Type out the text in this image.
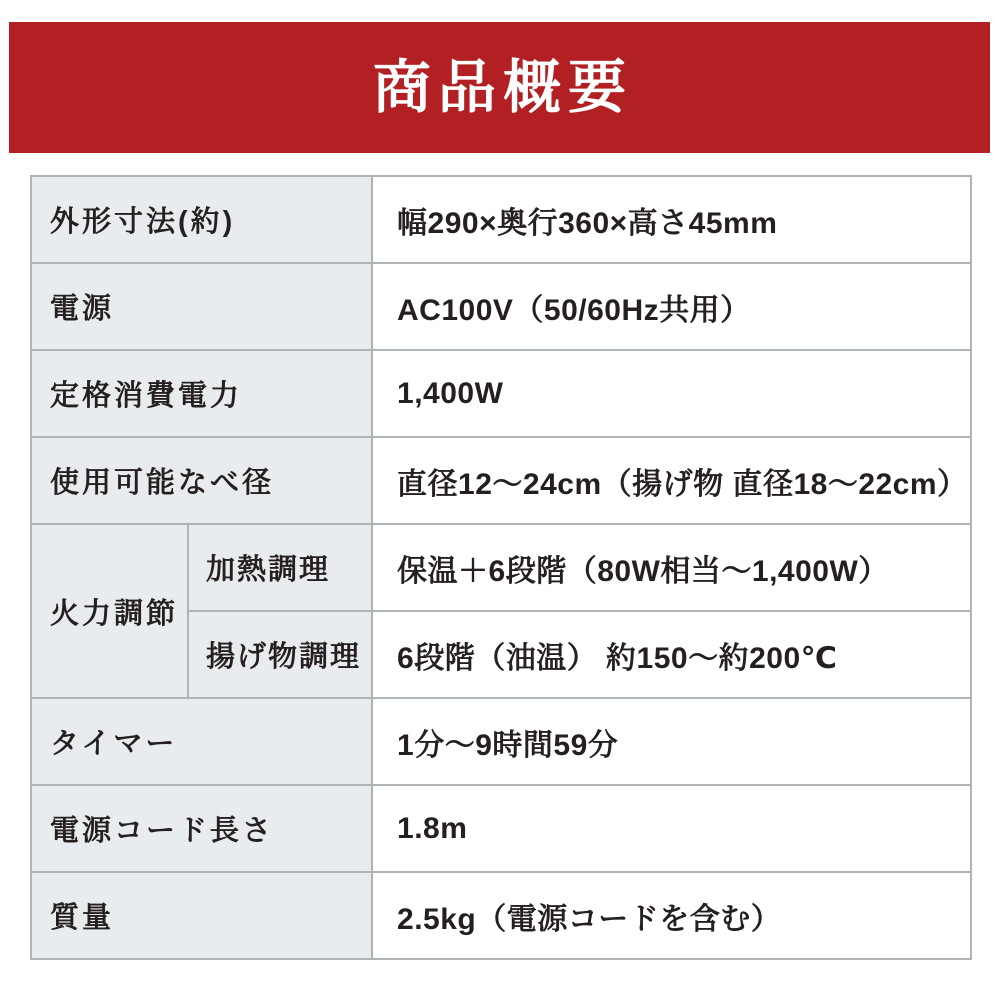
商品概要
外形寸法(約)		幅290×奥行360×高さ45mm
電源		AC100V（50/60Hz共用）
定格消費電力		1,400W
使用可能なべ径		直径12～24cm（揚げ物 直径18～22cm）
火力調節	加熱調理	保温＋6段階（80W相当～1,400W）
	揚げ物調理	6段階（油温） 約150～約200℃
タイマー		1分～9時間59分
電源コード長さ		1.8m
質量		2.5kg（電源コードを含む）
